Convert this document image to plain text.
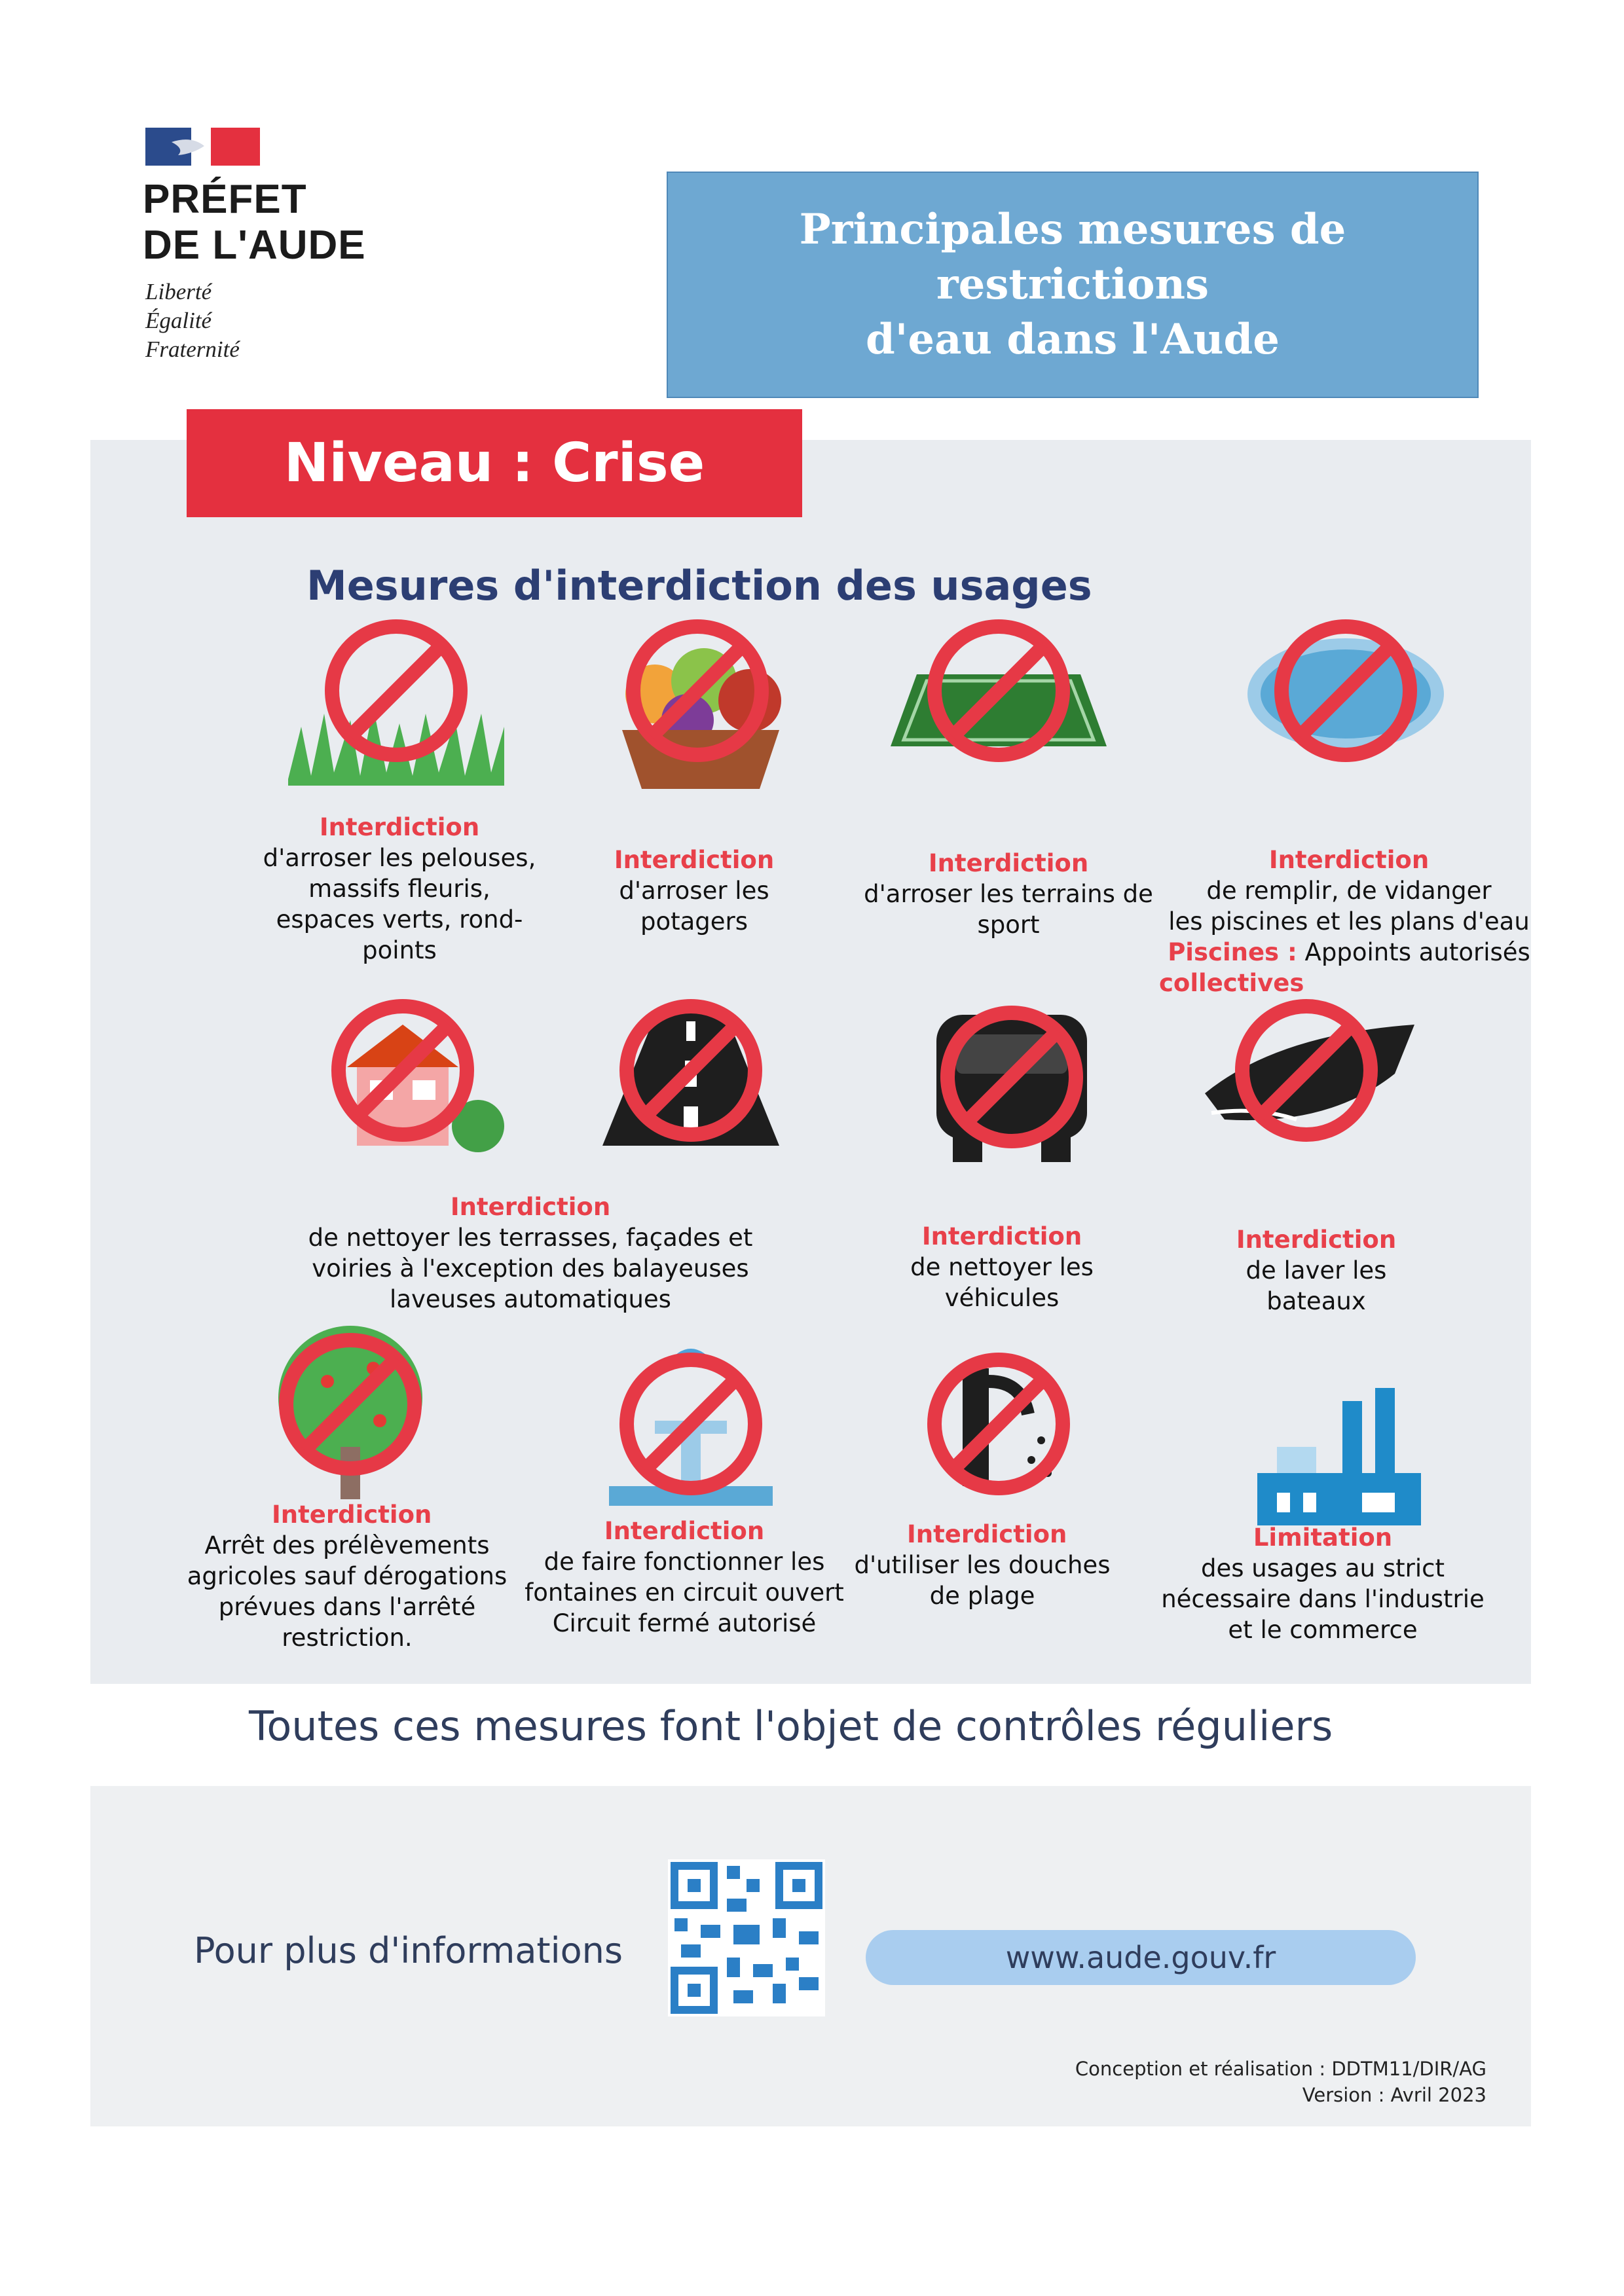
PRÉFET
DE L'AUDE
Liberté
Égalité
Fraternité
Principales mesures de restrictions
d'eau dans l'Aude
Niveau : Crise
Mesures d'interdiction des usages
Interdiction
d'arroser les pelouses,
massifs fleuris,
espaces verts, rond-
points
Interdiction
d'arroser les
potagers
Interdiction
d'arroser les terrains de
sport
Interdiction
de remplir, de vidanger
les piscines et les plans d'eau
Piscines : Appoints autorisés
collectives
Interdiction
de nettoyer les terrasses, façades et
voiries à l'exception des balayeuses
laveuses automatiques
Interdiction
de nettoyer les
véhicules
Interdiction
de laver les
bateaux
Interdiction
Arrêt des prélèvements
agricoles sauf dérogations
prévues dans l'arrêté
restriction.
Interdiction
de faire fonctionner les
fontaines en circuit ouvert
Circuit fermé autorisé
Interdiction
d'utiliser les douches
de plage
Limitation
des usages au strict
nécessaire dans l'industrie
et le commerce
Toutes ces mesures font l'objet de contrôles réguliers
Pour plus d'informations	www.aude.gouv.fr
Conception et réalisation : DDTM11/DIR/AG
Version : Avril 2023
